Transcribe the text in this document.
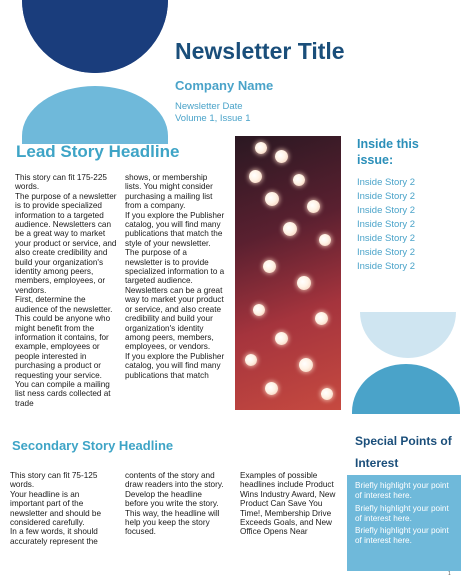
Newsletter Title
Company Name
Newsletter Date
Volume 1, Issue 1
Lead Story Headline

This story can fit 175-225 words.

The purpose of a newsletter is to provide specialized information to a targeted audience. Newsletters can be a great way to market your product or service, and also create credibility and build your organization's identity among peers, members, employees, or vendors.

First, determine the audience of the newsletter. This could be anyone who might benefit from the information it contains, for example, employees or people interested in purchasing a product or requesting your service.

You can compile a mailing list ness cards collected at trade

shows, or membership lists. You might consider purchasing a mailing list from a company.

If you explore the Publisher catalog, you will find many publications that match the style of your newsletter.

The purpose of a newsletter is to provide specialized information to a targeted audience. Newsletters can be a great way to market your product or service, and also create credibility and build your organization's identity among peers, members, employees, or vendors.

If you explore the Publisher catalog, you will find many publications that match

Inside this issue:
Inside Story 2
Inside Story 2
Inside Story 2
Inside Story 2
Inside Story 2
Inside Story 2
Inside Story 2
Secondary Story Headline

This story can fit 75-125 words.

Your headline is an important part of the newsletter and should be considered carefully.

In a few words, it should accurately represent the

contents of the story and draw readers into the story.

Develop the headline before you write the story. This way, the headline will help you keep the story focused.

Examples of possible headlines include Product Wins Industry Award, New Product Can Save You Time!, Membership Drive Exceeds Goals, and New Office Opens Near

Special Points of Interest
Briefly highlight your point of interest here.
Briefly highlight your point of interest here.
Briefly highlight your point of interest here.
1
